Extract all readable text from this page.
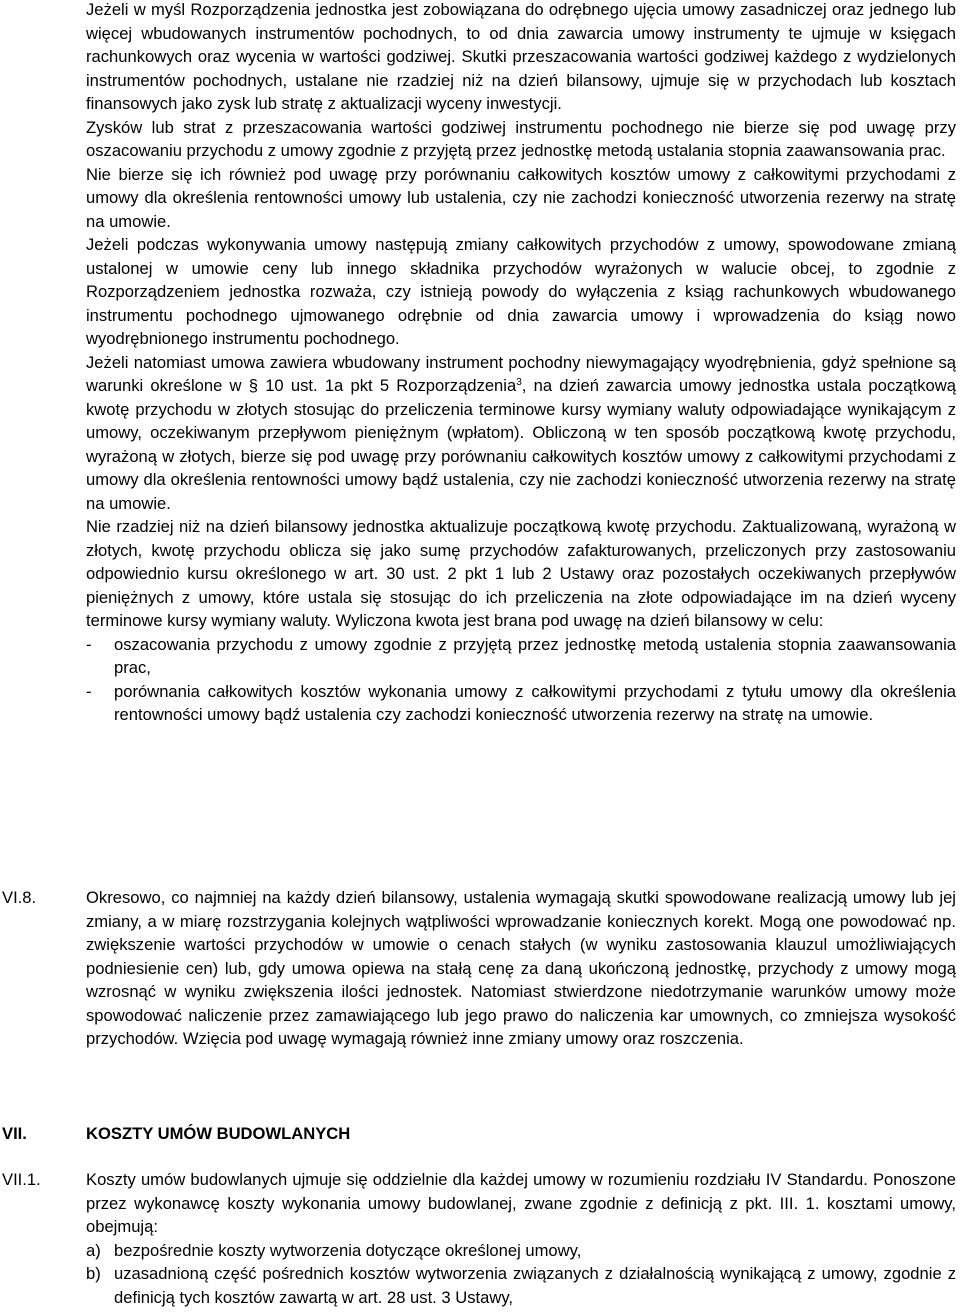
Jeżeli w myśl Rozporządzenia jednostka jest zobowiązana do odrębnego ujęcia umowy zasadniczej oraz jednego lub więcej wbudowanych instrumentów pochodnych, to od dnia zawarcia umowy instrumenty te ujmuje w księgach rachunkowych oraz wycenia w wartości godziwej. Skutki przeszacowania wartości godziwej każdego z wydzielonych instrumentów pochodnych, ustalane nie rzadziej niż na dzień bilansowy, ujmuje się w przychodach lub kosztach finansowych jako zysk lub stratę z aktualizacji wyceny inwestycji.

Zysków lub strat z przeszacowania wartości godziwej instrumentu pochodnego nie bierze się pod uwagę przy oszacowaniu przychodu z umowy zgodnie z przyjętą przez jednostkę metodą ustalania stopnia zaawansowania prac.

Nie bierze się ich również pod uwagę przy porównaniu całkowitych kosztów umowy z całkowitymi przychodami z umowy dla określenia rentowności umowy lub ustalenia, czy nie zachodzi konieczność utworzenia rezerwy na stratę na umowie.

Jeżeli podczas wykonywania umowy następują zmiany całkowitych przychodów z umowy, spowodowane zmianą ustalonej w umowie ceny lub innego składnika przychodów wyrażonych w walucie obcej, to zgodnie z Rozporządzeniem jednostka rozważa, czy istnieją powody do wyłączenia z ksiąg rachunkowych wbudowanego instrumentu pochodnego ujmowanego odrębnie od dnia zawarcia umowy i wprowadzenia do ksiąg nowo wyodrębnionego instrumentu pochodnego.

Jeżeli natomiast umowa zawiera wbudowany instrument pochodny niewymagający wyodrębnienia, gdyż spełnione są warunki określone w § 10 ust. 1a pkt 5 Rozporządzenia$^3$, na dzień zawarcia umowy jednostka ustala początkową kwotę przychodu w złotych stosując do przeliczenia terminowe kursy wymiany waluty odpowiadające wynikającym z umowy, oczekiwanym przepływom pieniężnym (wpłatom). Obliczoną w ten sposób początkową kwotę przychodu, wyrażoną w złotych, bierze się pod uwagę przy porównaniu całkowitych kosztów umowy z całkowitymi przychodami z umowy dla określenia rentowności umowy bądź ustalenia, czy nie zachodzi konieczność utworzenia rezerwy na stratę na umowie.

Nie rzadziej niż na dzień bilansowy jednostka aktualizuje początkową kwotę przychodu. Zaktualizowaną, wyrażoną w złotych, kwotę przychodu oblicza się jako sumę przychodów zafakturowanych, przeliczonych przy zastosowaniu odpowiednio kursu określonego w art. 30 ust. 2 pkt 1 lub 2 Ustawy oraz pozostałych oczekiwanych przepływów pieniężnych z umowy, które ustala się stosując do ich przeliczenia na złote odpowiadające im na dzień wyceny terminowe kursy wymiany waluty. Wyliczona kwota jest brana pod uwagę na dzień bilansowy w celu:

- oszacowania przychodu z umowy zgodnie z przyjętą przez jednostkę metodą ustalenia stopnia zaawansowania prac,
- porównania całkowitych kosztów wykonania umowy z całkowitymi przychodami z tytułu umowy dla określenia rentowności umowy bądź ustalenia czy zachodzi konieczność utworzenia rezerwy na stratę na umowie.
VI.8.	Okresowo, co najmniej na każdy dzień bilansowy, ustalenia wymagają skutki spowodowane realizacją umowy lub jej zmiany, a w miarę rozstrzygania kolejnych wątpliwości wprowadzanie koniecznych korekt. Mogą one powodować np. zwiększenie wartości przychodów w umowie o cenach stałych (w wyniku zastosowania klauzul umożliwiających podniesienie cen) lub, gdy umowa opiewa na stałą cenę za daną ukończoną jednostkę, przychody z umowy mogą wzrosnąć w wyniku zwiększenia ilości jednostek. Natomiast stwierdzone niedotrzymanie warunków umowy może spowodować naliczenie przez zamawiającego lub jego prawo do naliczenia kar umownych, co zmniejsza wysokość przychodów. Wzięcia pod uwagę wymagają również inne zmiany umowy oraz roszczenia.

VII.	KOSZTY UMÓW BUDOWLANYCH
VII.1.	Koszty umów budowlanych ujmuje się oddzielnie dla każdej umowy w rozumieniu rozdziału IV Standardu. Ponoszone przez wykonawcę koszty wykonania umowy budowlanej, zwane zgodnie z definicją z pkt. III. 1. kosztami umowy, obejmują:

a) bezpośrednie koszty wytworzenia dotyczące określonej umowy,
b) uzasadnioną część pośrednich kosztów wytworzenia związanych z działalnością wynikającą z umowy, zgodnie z definicją tych kosztów zawartą w art. 28 ust. 3 Ustawy,
